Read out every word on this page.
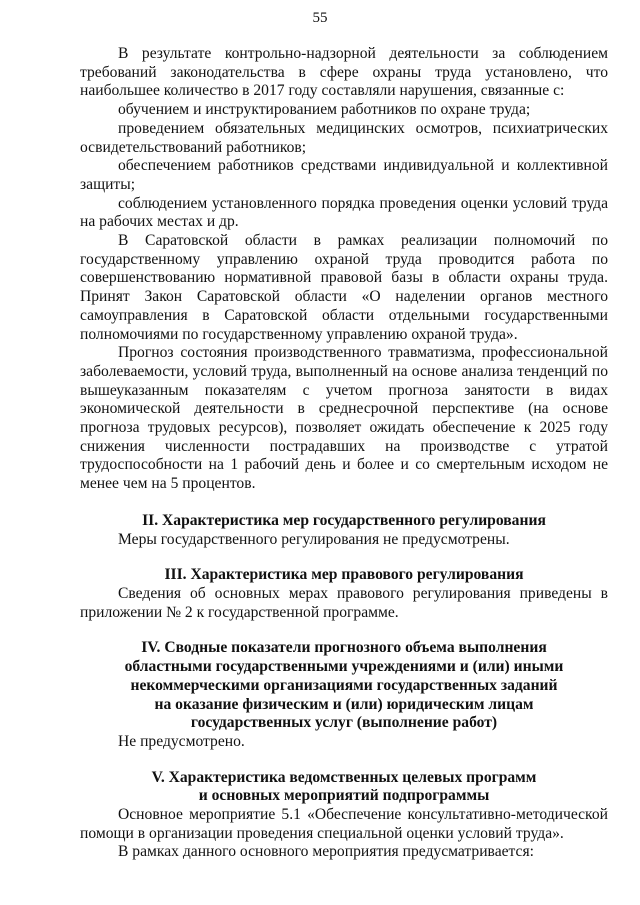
55

В результате контрольно-надзорной деятельности за соблюдением требований законодательства в сфере охраны труда установлено, что наибольшее количество в 2017 году составляли нарушения, связанные с:

обучением и инструктированием работников по охране труда;

проведением обязательных медицинских осмотров, психиатрических освидетельствований работников;

обеспечением работников средствами индивидуальной и коллективной защиты;

соблюдением установленного порядка проведения оценки условий труда на рабочих местах и др.

В Саратовской области в рамках реализации полномочий по государственному управлению охраной труда проводится работа по совершенствованию нормативной правовой базы в области охраны труда. Принят Закон Саратовской области «О наделении органов местного самоуправления в Саратовской области отдельными государственными полномочиями по государственному управлению охраной труда».

Прогноз состояния производственного травматизма, профессиональной заболеваемости, условий труда, выполненный на основе анализа тенденций по вышеуказанным показателям с учетом прогноза занятости в видах экономической деятельности в среднесрочной перспективе (на основе прогноза трудовых ресурсов), позволяет ожидать обеспечение к 2025 году снижения численности пострадавших на производстве с утратой трудоспособности на 1 рабочий день и более и со смертельным исходом не менее чем на 5 процентов.

II. Характеристика мер государственного регулирования

Меры государственного регулирования не предусмотрены.

III. Характеристика мер правового регулирования

Сведения об основных мерах правового регулирования приведены в приложении № 2 к государственной программе.

IV. Сводные показатели прогнозного объема выполнения
областными государственными учреждениями и (или) иными
некоммерческими организациями государственных заданий
на оказание физическим и (или) юридическим лицам
государственных услуг (выполнение работ)

Не предусмотрено.

V. Характеристика ведомственных целевых программ
и основных мероприятий подпрограммы

Основное мероприятие 5.1 «Обеспечение консультативно-методической помощи в организации проведения специальной оценки условий труда».

В рамках данного основного мероприятия предусматривается:
